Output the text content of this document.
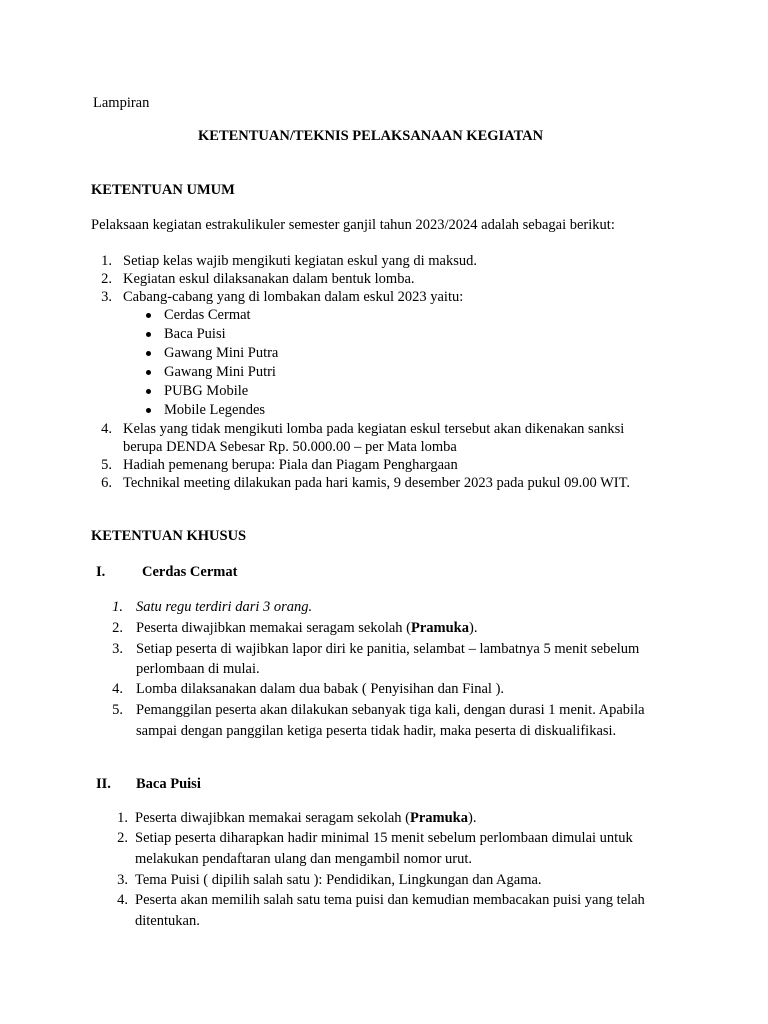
Lampiran
KETENTUAN/TEKNIS PELAKSANAAN KEGIATAN
KETENTUAN UMUM
Pelaksaan kegiatan estrakulikuler semester ganjil tahun 2023/2024 adalah sebagai berikut:
1. Setiap kelas wajib mengikuti kegiatan eskul yang di maksud.
2. Kegiatan eskul dilaksanakan dalam bentuk lomba.
3. Cabang-cabang yang di lombakan dalam eskul 2023 yaitu:
Cerdas Cermat
Baca Puisi
Gawang Mini Putra
Gawang Mini Putri
PUBG Mobile
Mobile Legendes
4. Kelas yang tidak mengikuti lomba pada kegiatan eskul tersebut akan dikenakan sanksi
berupa DENDA Sebesar Rp. 50.000.00 – per Mata lomba
5. Hadiah pemenang berupa: Piala dan Piagam Penghargaan
6. Technikal meeting dilakukan pada hari kamis, 9 desember 2023 pada pukul 09.00 WIT.
KETENTUAN KHUSUS
I.	Cerdas Cermat
1. Satu regu terdiri dari 3 orang.
2. Peserta diwajibkan memakai seragam sekolah (Pramuka).
3. Setiap peserta di wajibkan lapor diri ke panitia, selambat – lambatnya 5 menit sebelum
perlombaan di mulai.
4. Lomba dilaksanakan dalam dua babak ( Penyisihan dan Final ).
5. Pemanggilan peserta akan dilakukan sebanyak tiga kali, dengan durasi 1 menit. Apabila
sampai dengan panggilan ketiga peserta tidak hadir, maka peserta di diskualifikasi.
II. Baca Puisi
1. Peserta diwajibkan memakai seragam sekolah (Pramuka).
2. Setiap peserta diharapkan hadir minimal 15 menit sebelum perlombaan dimulai untuk
melakukan pendaftaran ulang dan mengambil nomor urut.
3. Tema Puisi ( dipilih salah satu ): Pendidikan, Lingkungan dan Agama.
4. Peserta akan memilih salah satu tema puisi dan kemudian membacakan puisi yang telah
ditentukan.
